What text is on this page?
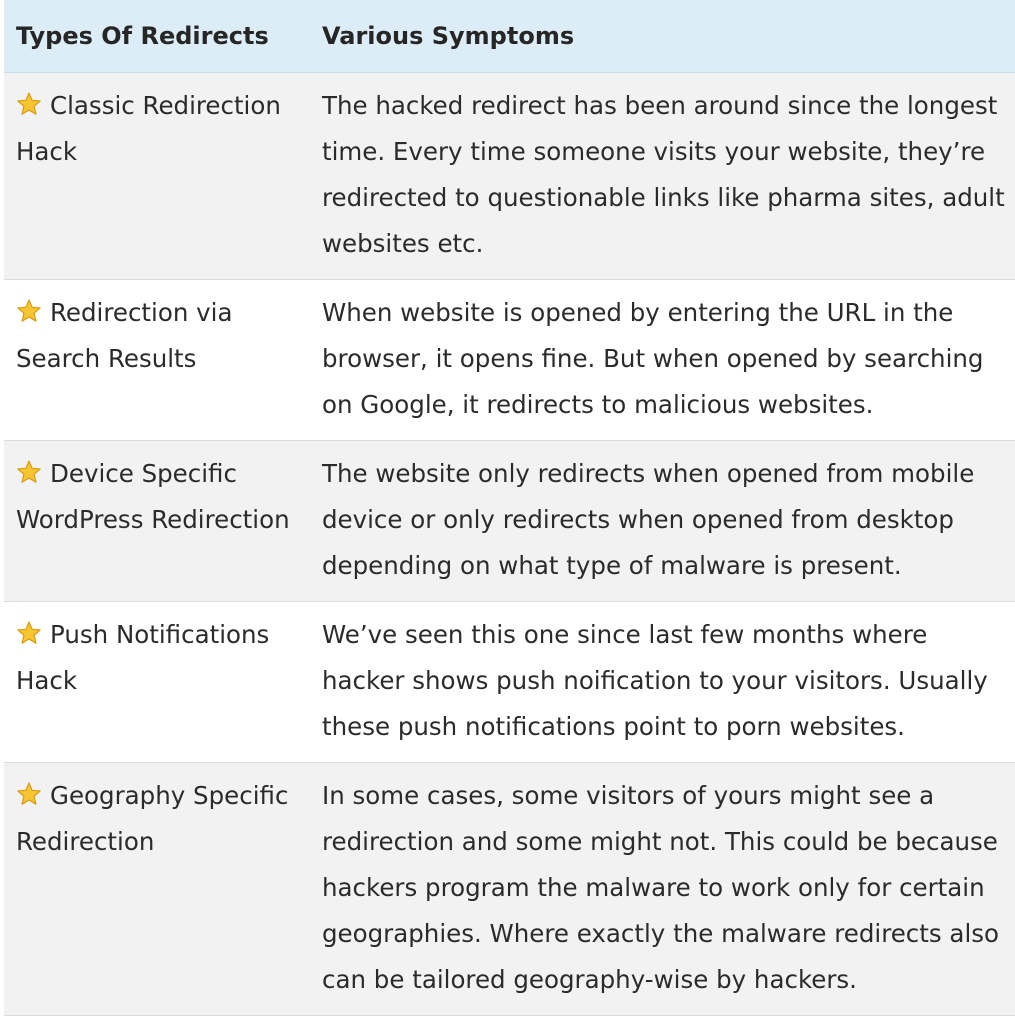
Types Of Redirects	Various Symptoms
Classic Redirection Hack	The hacked redirect has been around since the longest time. Every time someone visits your website, they’re redirected to questionable links like pharma sites, adult websites etc.
Redirection via Search Results	When website is opened by entering the URL in the browser, it opens fine. But when opened by searching on Google, it redirects to malicious websites.
Device Specific WordPress Redirection	The website only redirects when opened from mobile device or only redirects when opened from desktop depending on what type of malware is present.
Push Notifications Hack	We’ve seen this one since last few months where hacker shows push noification to your visitors. Usually these push notifications point to porn websites.
Geography Specific Redirection	In some cases, some visitors of yours might see a redirection and some might not. This could be because hackers program the malware to work only for certain geographies. Where exactly the malware redirects also can be tailored geography-wise by hackers.
